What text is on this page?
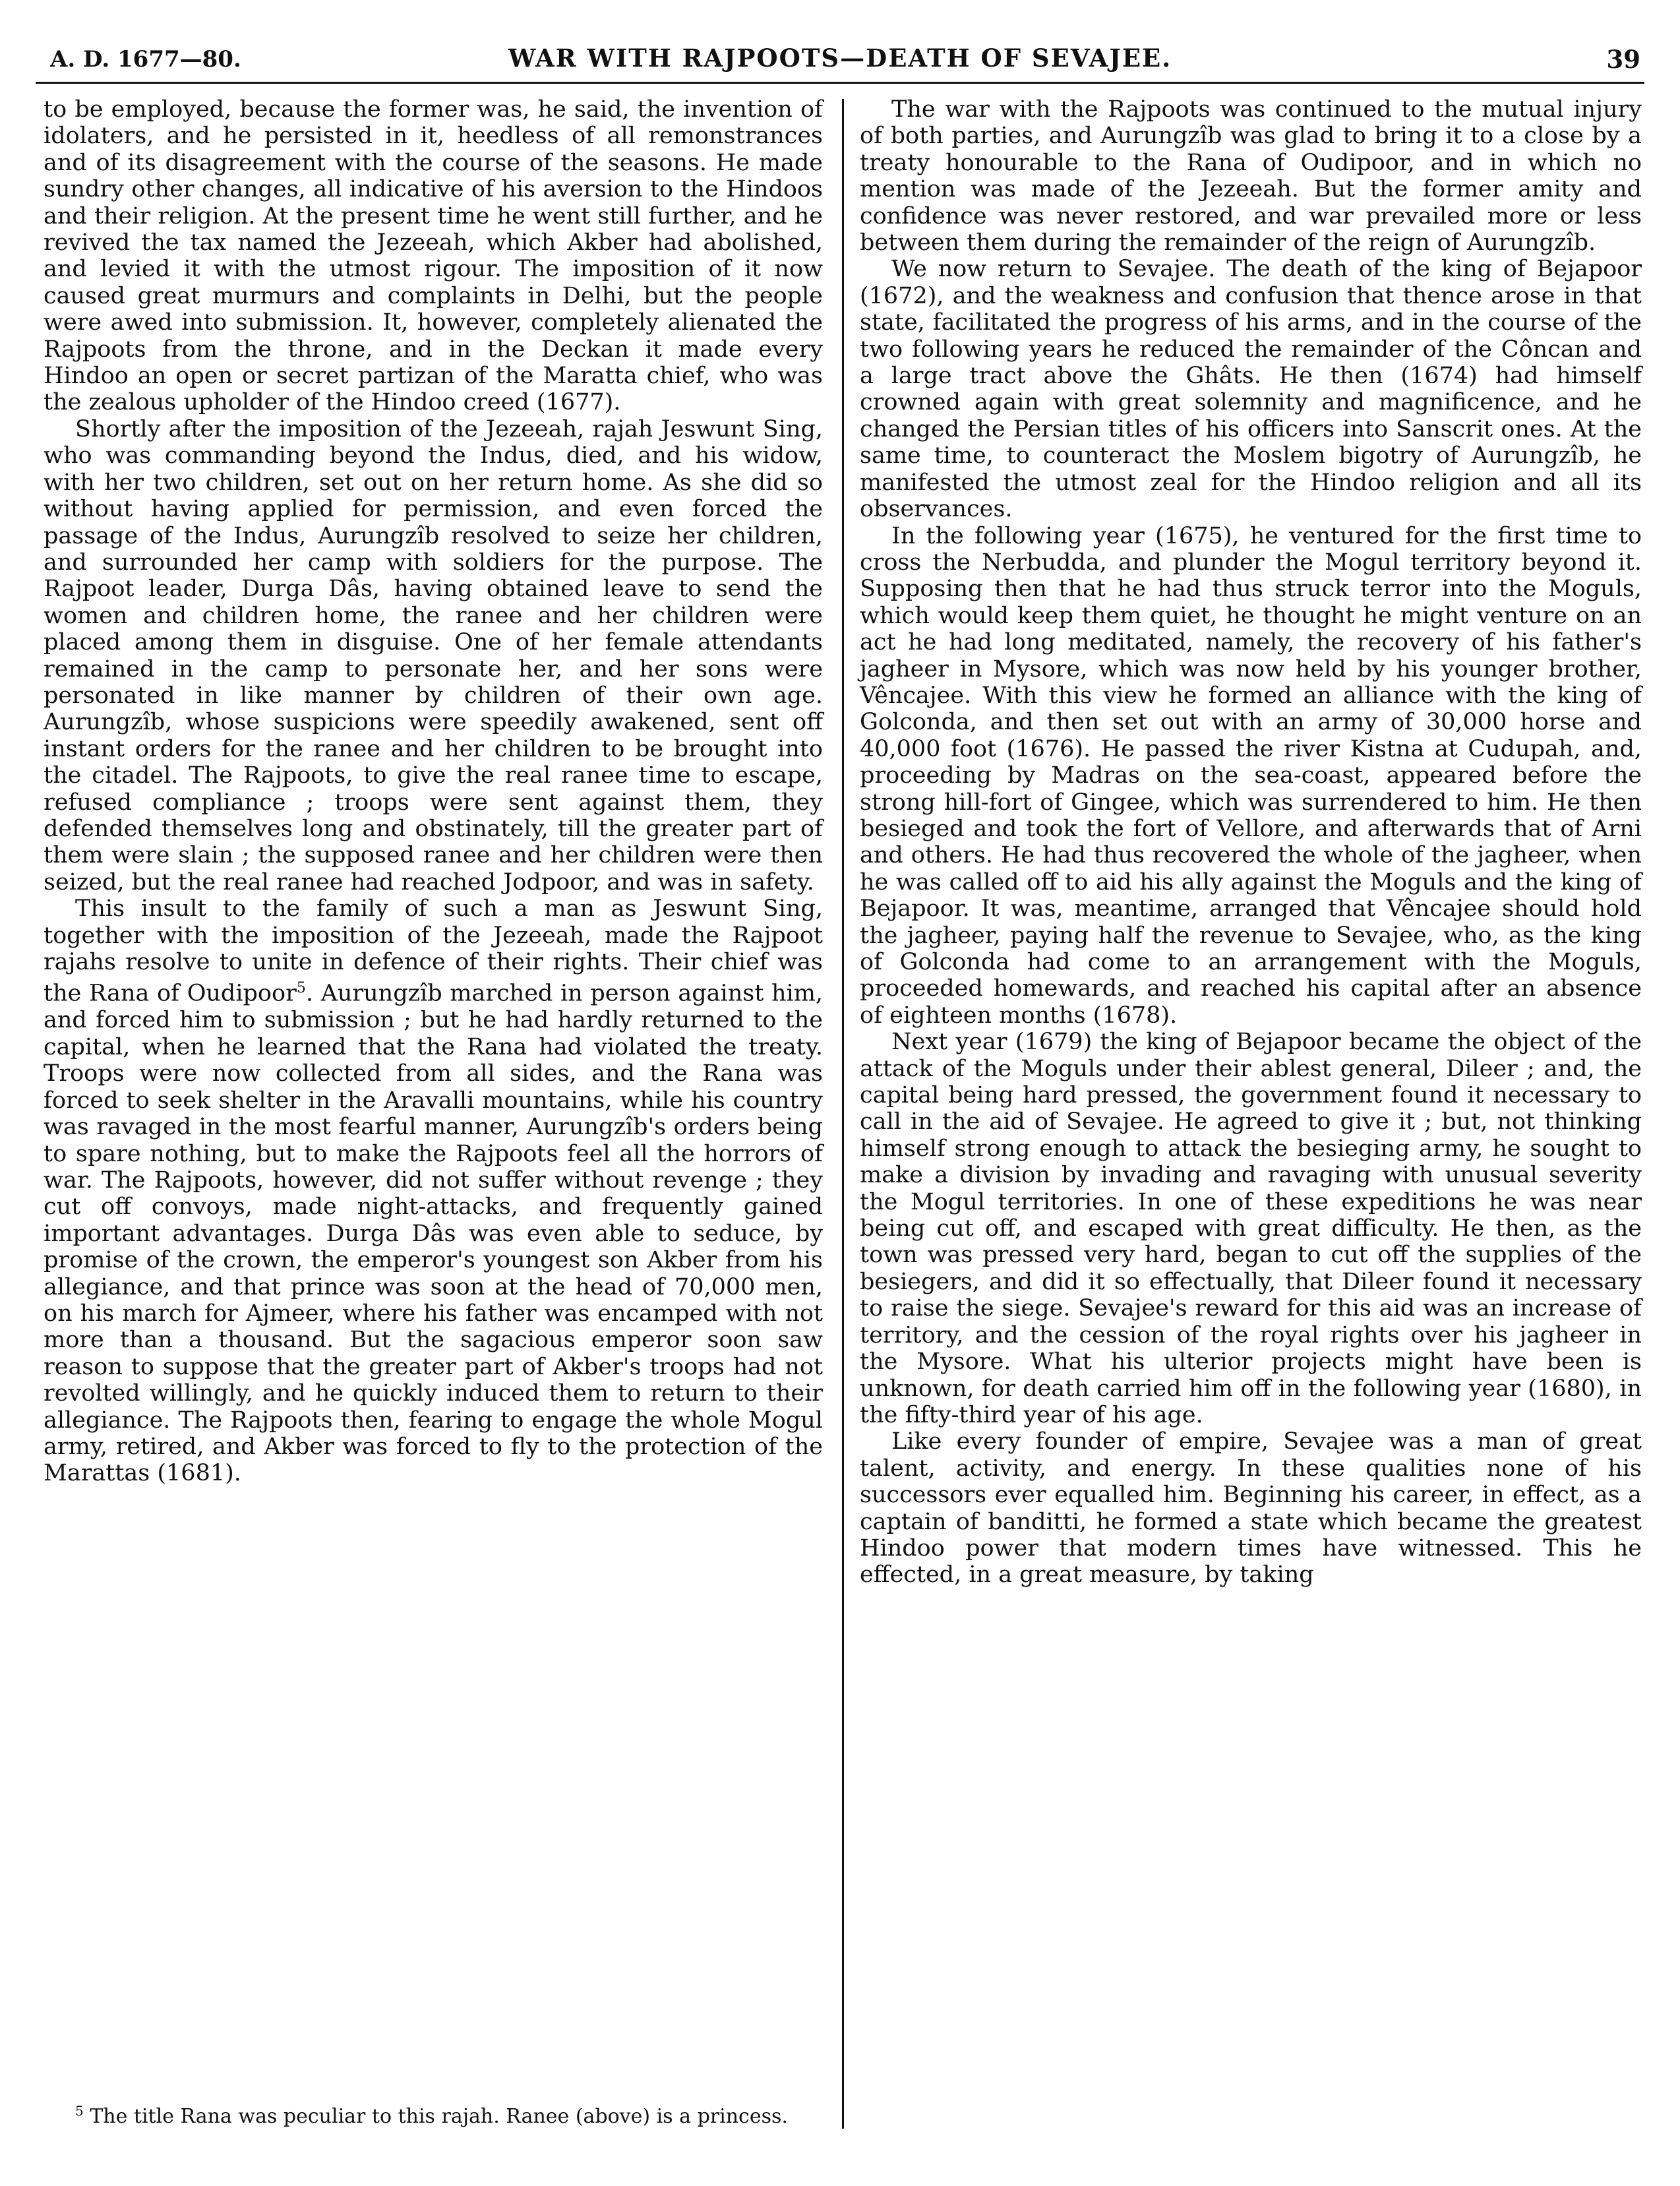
A. D. 1677—80.	WAR WITH RAJPOOTS—DEATH OF SEVAJEE.	39

to be employed, because the former was, he said, the invention of idolaters, and he persisted in it, heedless of all remonstrances and of its disagreement with the course of the seasons. He made sundry other changes, all indicative of his aversion to the Hindoos and their religion. At the present time he went still further, and he revived the tax named the Jezeeah, which Akber had abolished, and levied it with the utmost rigour. The imposition of it now caused great murmurs and complaints in Delhi, but the people were awed into submission. It, however, completely alienated the Rajpoots from the throne, and in the Deckan it made every Hindoo an open or secret partizan of the Maratta chief, who was the zealous upholder of the Hindoo creed (1677).

Shortly after the imposition of the Jezeeah, rajah Jeswunt Sing, who was commanding beyond the Indus, died, and his widow, with her two children, set out on her return home. As she did so without having applied for permission, and even forced the passage of the Indus, Aurungzîb resolved to seize her children, and surrounded her camp with soldiers for the purpose. The Rajpoot leader, Durga Dâs, having obtained leave to send the women and children home, the ranee and her children were placed among them in disguise. One of her female attendants remained in the camp to personate her, and her sons were personated in like manner by children of their own age. Aurungzîb, whose suspicions were speedily awakened, sent off instant orders for the ranee and her children to be brought into the citadel. The Rajpoots, to give the real ranee time to escape, refused compliance ; troops were sent against them, they defended themselves long and obstinately, till the greater part of them were slain ; the supposed ranee and her children were then seized, but the real ranee had reached Jodpoor, and was in safety.

This insult to the family of such a man as Jeswunt Sing, together with the imposition of the Jezeeah, made the Rajpoot rajahs resolve to unite in defence of their rights. Their chief was the Rana of Oudipoor$^5$. Aurungzîb marched in person against him, and forced him to submission ; but he had hardly returned to the capital, when he learned that the Rana had violated the treaty. Troops were now collected from all sides, and the Rana was forced to seek shelter in the Aravalli mountains, while his country was ravaged in the most fearful manner, Aurungzîb's orders being to spare nothing, but to make the Rajpoots feel all the horrors of war. The Rajpoots, however, did not suffer without revenge ; they cut off convoys, made night-attacks, and frequently gained important advantages. Durga Dâs was even able to seduce, by promise of the crown, the emperor's youngest son Akber from his allegiance, and that prince was soon at the head of 70,000 men, on his march for Ajmeer, where his father was encamped with not more than a thousand. But the sagacious emperor soon saw reason to suppose that the greater part of Akber's troops had not revolted willingly, and he quickly induced them to return to their allegiance. The Rajpoots then, fearing to engage the whole Mogul army, retired, and Akber was forced to fly to the protection of the Marattas (1681).

$^5$ The title Rana was peculiar to this rajah. Ranee (above) is a princess.

The war with the Rajpoots was continued to the mutual injury of both parties, and Aurungzîb was glad to bring it to a close by a treaty honourable to the Rana of Oudipoor, and in which no mention was made of the Jezeeah. But the former amity and confidence was never restored, and war prevailed more or less between them during the remainder of the reign of Aurungzîb.

We now return to Sevajee. The death of the king of Bejapoor (1672), and the weakness and confusion that thence arose in that state, facilitated the progress of his arms, and in the course of the two following years he reduced the remainder of the Côncan and a large tract above the Ghâts. He then (1674) had himself crowned again with great solemnity and magnificence, and he changed the Persian titles of his officers into Sanscrit ones. At the same time, to counteract the Moslem bigotry of Aurungzîb, he manifested the utmost zeal for the Hindoo religion and all its observances.

In the following year (1675), he ventured for the first time to cross the Nerbudda, and plunder the Mogul territory beyond it. Supposing then that he had thus struck terror into the Moguls, which would keep them quiet, he thought he might venture on an act he had long meditated, namely, the recovery of his father's jagheer in Mysore, which was now held by his younger brother, Vêncajee. With this view he formed an alliance with the king of Golconda, and then set out with an army of 30,000 horse and 40,000 foot (1676). He passed the river Kistna at Cudupah, and, proceeding by Madras on the sea-coast, appeared before the strong hill-fort of Gingee, which was surrendered to him. He then besieged and took the fort of Vellore, and afterwards that of Arni and others. He had thus recovered the whole of the jagheer, when he was called off to aid his ally against the Moguls and the king of Bejapoor. It was, meantime, arranged that Vêncajee should hold the jagheer, paying half the revenue to Sevajee, who, as the king of Golconda had come to an arrangement with the Moguls, proceeded homewards, and reached his capital after an absence of eighteen months (1678).

Next year (1679) the king of Bejapoor became the object of the attack of the Moguls under their ablest general, Dileer ; and, the capital being hard pressed, the government found it necessary to call in the aid of Sevajee. He agreed to give it ; but, not thinking himself strong enough to attack the besieging army, he sought to make a division by invading and ravaging with unusual severity the Mogul territories. In one of these expeditions he was near being cut off, and escaped with great difficulty. He then, as the town was pressed very hard, began to cut off the supplies of the besiegers, and did it so effectually, that Dileer found it necessary to raise the siege. Sevajee's reward for this aid was an increase of territory, and the cession of the royal rights over his jagheer in the Mysore. What his ulterior projects might have been is unknown, for death carried him off in the following year (1680), in the fifty-third year of his age.

Like every founder of empire, Sevajee was a man of great talent, activity, and energy. In these qualities none of his successors ever equalled him. Beginning his career, in effect, as a captain of banditti, he formed a state which became the greatest Hindoo power that modern times have witnessed. This he effected, in a great measure, by taking
